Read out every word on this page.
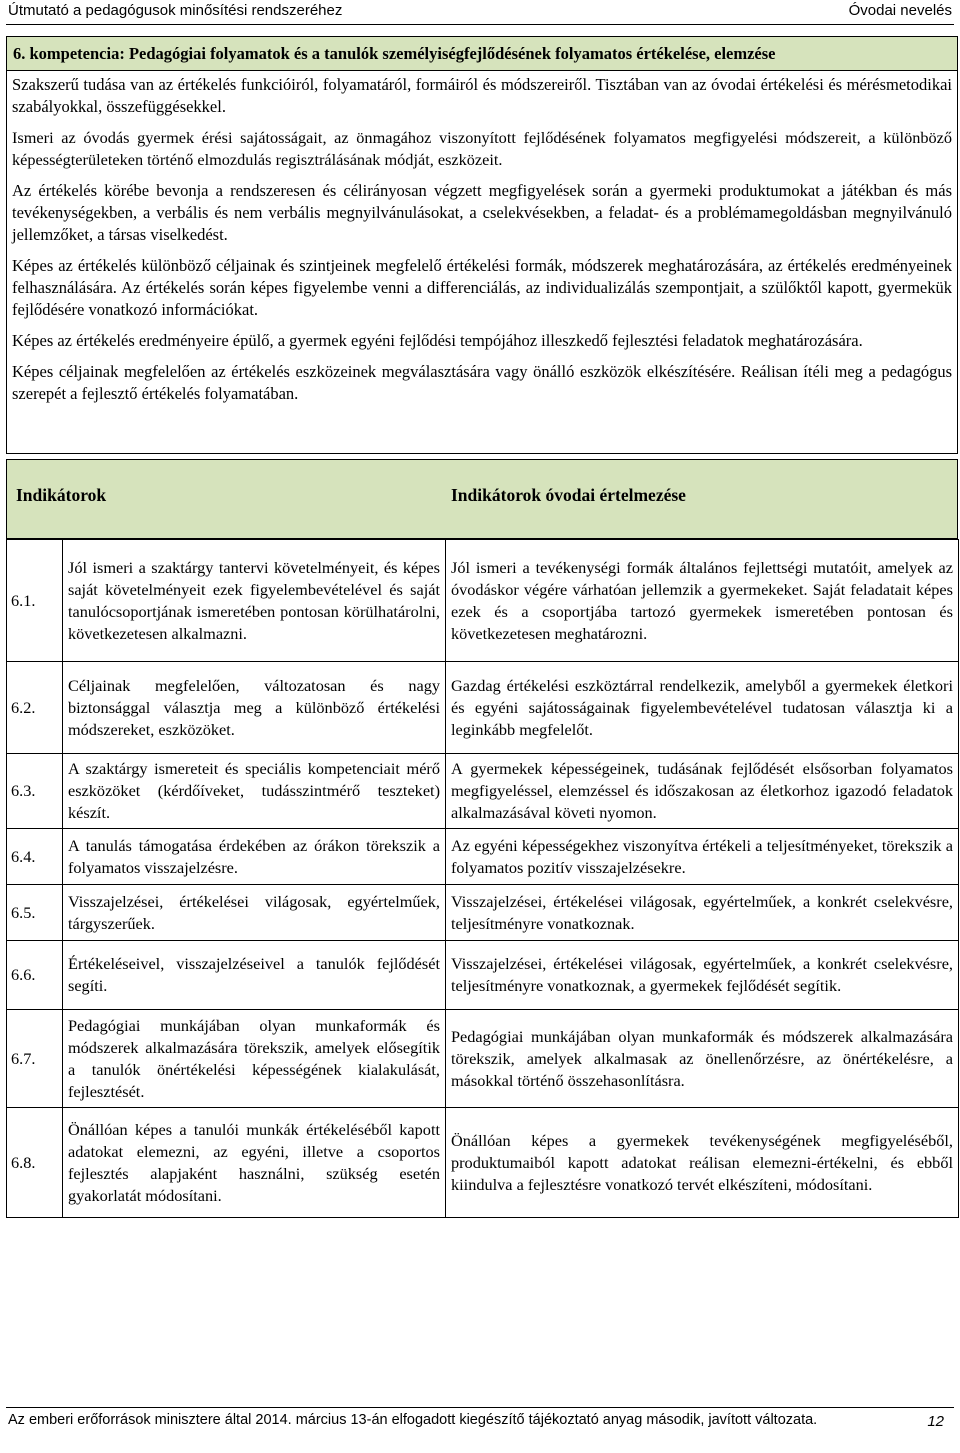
Útmutató a pedagógusok minősítési rendszeréhez	Óvodai nevelés
6. kompetencia: Pedagógiai folyamatok és a tanulók személyiségfejlődésének folyamatos értékelése, elemzése

Szakszerű tudása van az értékelés funkcióiról, folyamatáról, formáiról és módszereiről. Tisztában van az óvodai értékelési és mérésmetodikai szabályokkal, összefüggésekkel.

Ismeri az óvodás gyermek érési sajátosságait, az önmagához viszonyított fejlődésének folyamatos megfigyelési módszereit, a különböző képességterületeken történő elmozdulás regisztrálásának módját, eszközeit.

Az értékelés körébe bevonja a rendszeresen és célirányosan végzett megfigyelések során a gyermeki produktumokat a játékban és más tevékenységekben, a verbális és nem verbális megnyilvánulásokat, a cselekvésekben, a feladat- és a problémamegoldásban megnyilvánuló jellemzőket, a társas viselkedést.

Képes az értékelés különböző céljainak és szintjeinek megfelelő értékelési formák, módszerek meghatározására, az értékelés eredményeinek felhasználására. Az értékelés során képes figyelembe venni a differenciálás, az individualizálás szempontjait, a szülőktől kapott, gyermekük fejlődésére vonatkozó információkat.

Képes az értékelés eredményeire épülő, a gyermek egyéni fejlődési tempójához illeszkedő fejlesztési feladatok meghatározására.

Képes céljainak megfelelően az értékelés eszközeinek megválasztására vagy önálló eszközök elkészítésére. Reálisan ítéli meg a pedagógus szerepét a fejlesztő értékelés folyamatában.

Indikátorok	Indikátorok óvodai értelmezése
6.1.	Jól ismeri a szaktárgy tantervi követelményeit, és képes saját követelményeit ezek figyelembevételével és saját tanulócsoportjának ismeretében pontosan körülhatárolni, következetesen alkalmazni.	Jól ismeri a tevékenységi formák általános fejlettségi mutatóit, amelyek az óvodáskor végére várhatóan jellemzik a gyermekeket. Saját feladatait képes ezek és a csoportjába tartozó gyermekek ismeretében pontosan és következetesen meghatározni.
6.2.	Céljainak megfelelően, változatosan és nagy biztonsággal választja meg a különböző értékelési módszereket, eszközöket.	Gazdag értékelési eszköztárral rendelkezik, amelyből a gyermekek életkori és egyéni sajátosságainak figyelembevételével tudatosan választja ki a leginkább megfelelőt.
6.3.	A szaktárgy ismereteit és speciális kompetenciait mérő eszközöket (kérdőíveket, tudásszintmérő teszteket) készít.	A gyermekek képességeinek, tudásának fejlődését elsősorban folyamatos megfigyeléssel, elemzéssel és időszakosan az életkorhoz igazodó feladatok alkalmazásával követi nyomon.
6.4.	A tanulás támogatása érdekében az órákon törekszik a folyamatos visszajelzésre.	Az egyéni képességekhez viszonyítva értékeli a teljesítményeket, törekszik a folyamatos pozitív visszajelzésekre.
6.5.	Visszajelzései, értékelései világosak, egyértelműek, tárgyszerűek.	Visszajelzései, értékelései világosak, egyértelműek, a konkrét cselekvésre, teljesítményre vonatkoznak.
6.6.	Értékeléseivel, visszajelzéseivel a tanulók fejlődését segíti.	Visszajelzései, értékelései világosak, egyértelműek, a konkrét cselekvésre, teljesítményre vonatkoznak, a gyermekek fejlődését segítik.
6.7.	Pedagógiai munkájában olyan munkaformák és módszerek alkalmazására törekszik, amelyek elősegítik a tanulók önértékelési képességének kialakulását, fejlesztését.	Pedagógiai munkájában olyan munkaformák és módszerek alkalmazására törekszik, amelyek alkalmasak az önellenőrzésre, az önértékelésre, a másokkal történő összehasonlításra.
6.8.	Önállóan képes a tanulói munkák értékeléséből kapott adatokat elemezni, az egyéni, illetve a csoportos fejlesztés alapjaként használni, szükség esetén gyakorlatát módosítani.	Önállóan képes a gyermekek tevékenységének megfigyeléséből, produktumaiból kapott adatokat reálisan elemezni-értékelni, és ebből kiindulva a fejlesztésre vonatkozó tervét elkészíteni, módosítani.
Az emberi erőforrások minisztere által 2014. március 13-án elfogadott kiegészítő tájékoztató anyag második, javított változata.	12
